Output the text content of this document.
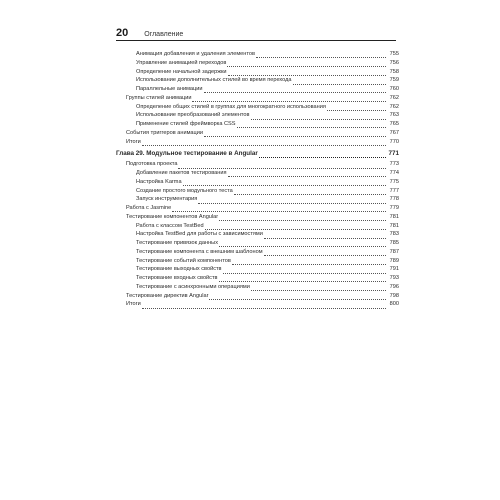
20 Оглавление
Анимация добавления и удаления элементов	755
Управление анимацией переходов	756
Определение начальной задержки	758
Использование дополнительных стилей во время перехода	759
Параллельные анимации	760
Группы стилей анимации	762
Определение общих стилей в группах для многократного использования	762
Использование преобразований элементов	763
Применение стилей фреймворка CSS	765
События триггеров анимации	767
Итоги	770
Глава 29. Модульное тестирование в Angular	771
Подготовка проекта	773
Добавление пакетов тестирования	774
Настройка Karma	775
Создание простого модульного теста	777
Запуск инструментария	778
Работа с Jasmine	779
Тестирование компонентов Angular	781
Работа с классом TestBed	781
Настройка TestBed для работы с зависимостями	783
Тестирование привязок данных	785
Тестирование компонента с внешним шаблоном	787
Тестирование событий компонентов	789
Тестирование выходных свойств	791
Тестирование входных свойств	793
Тестирование с асинхронными операциями	796
Тестирование директив Angular	798
Итоги	800
